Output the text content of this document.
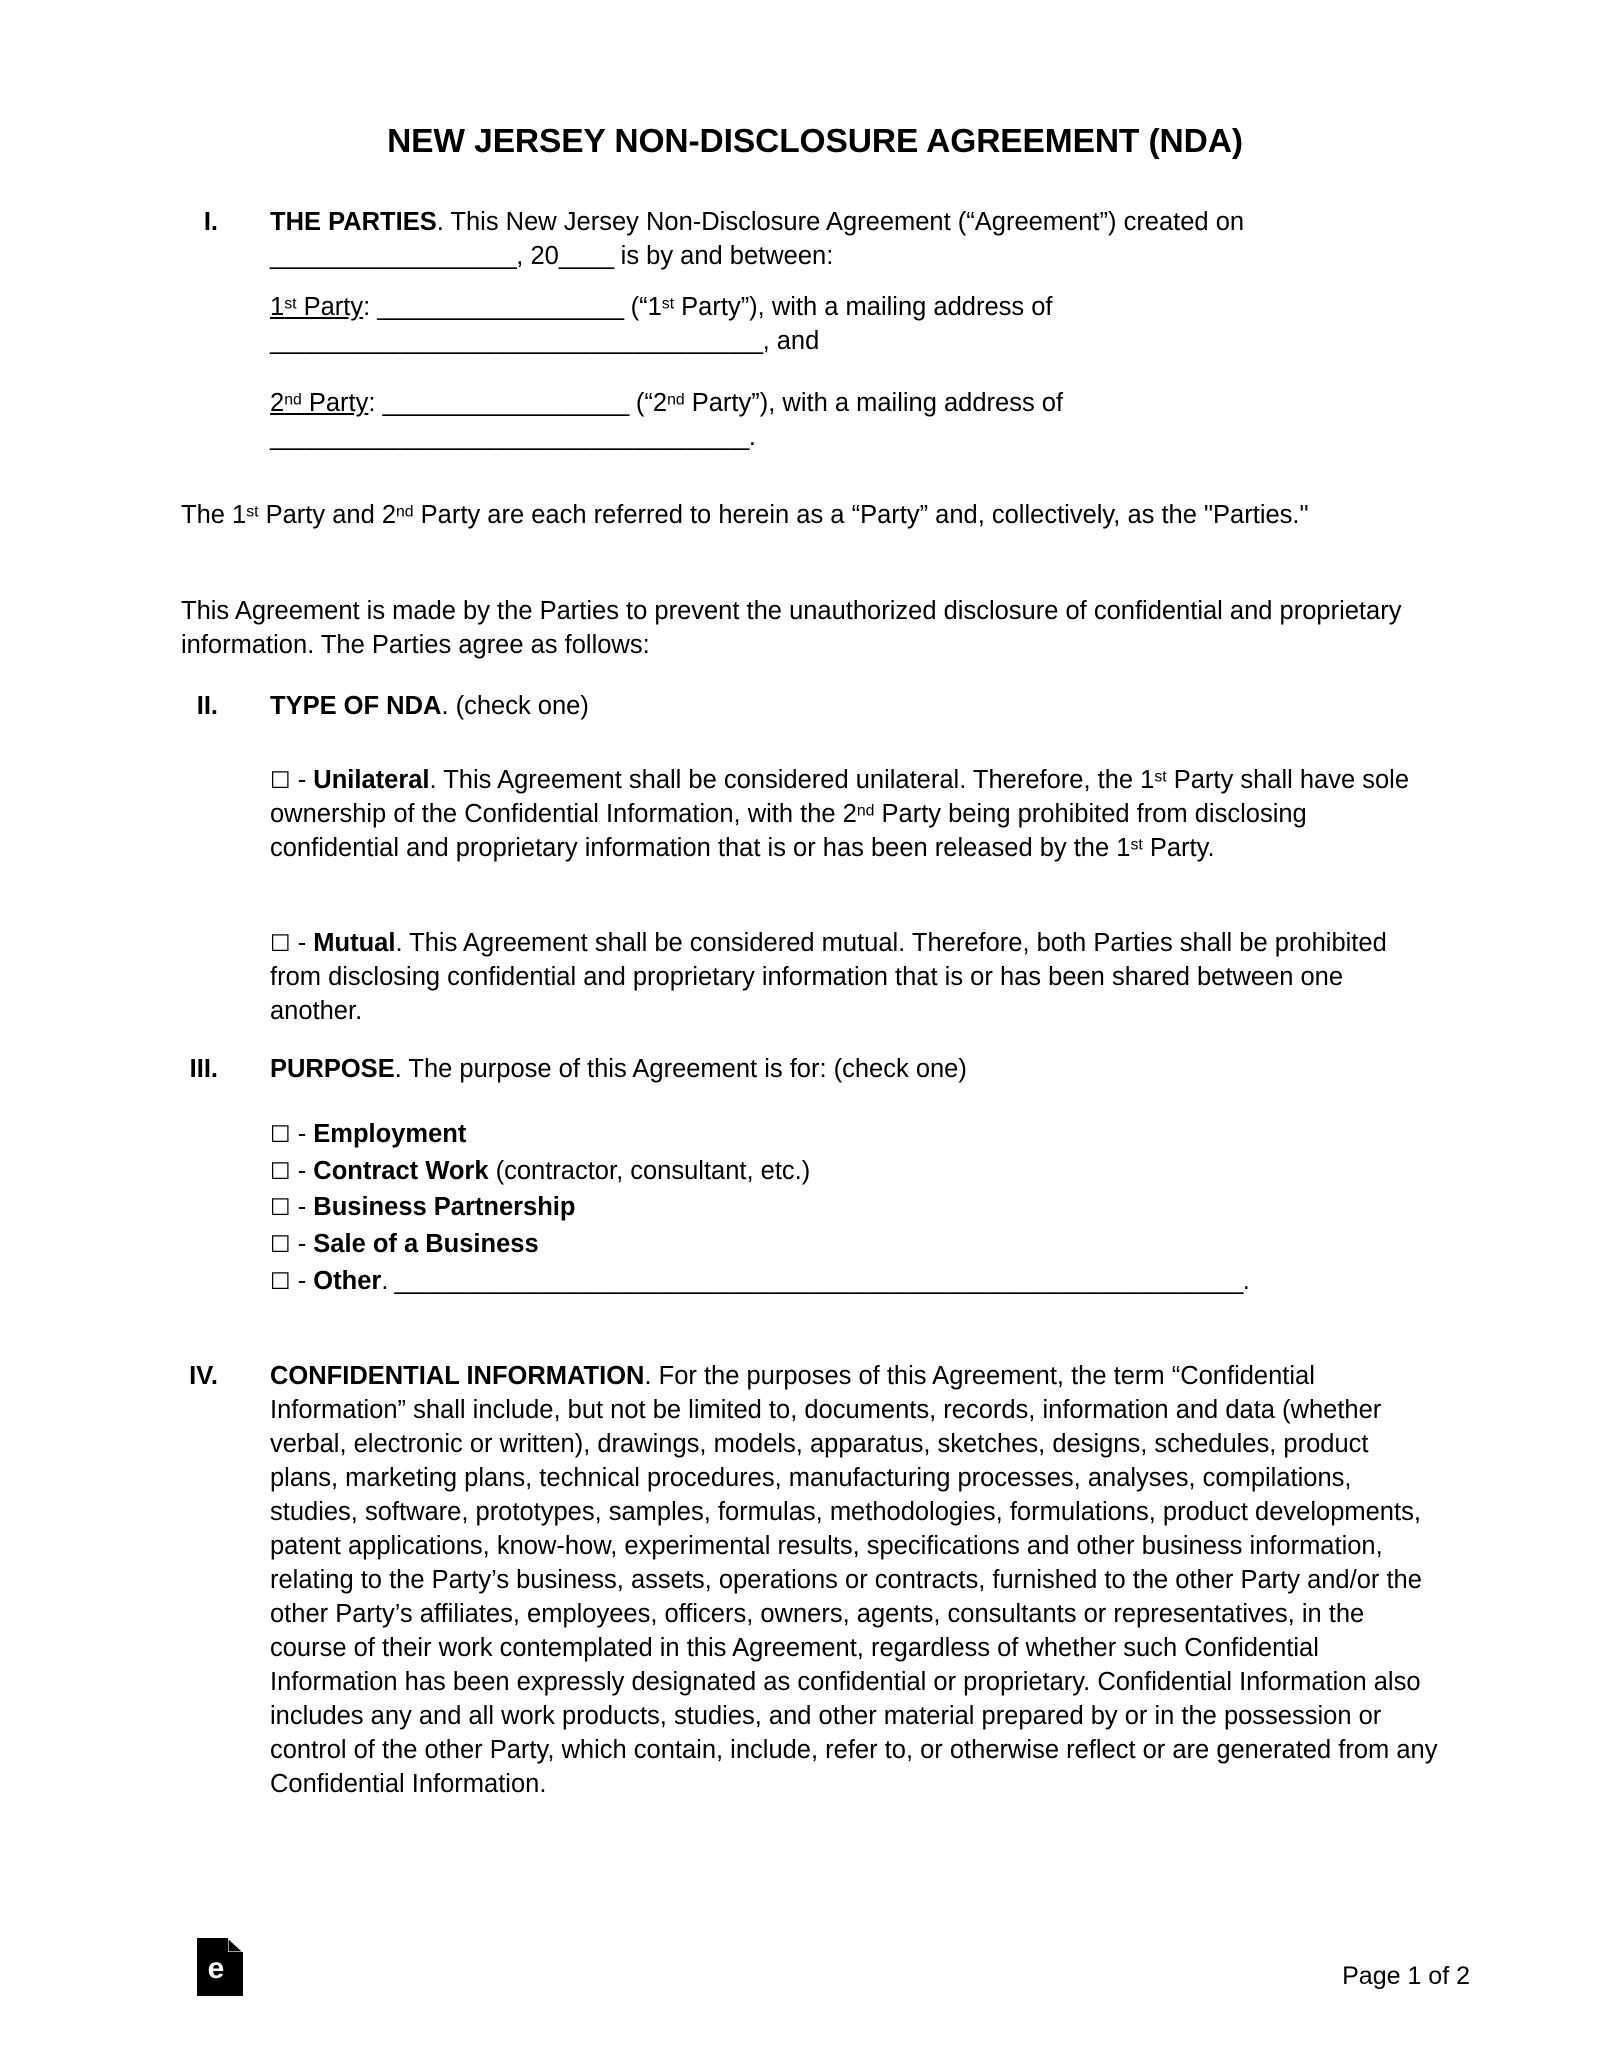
NEW JERSEY NON-DISCLOSURE AGREEMENT (NDA)
I.	THE PARTIES. This New Jersey Non-Disclosure Agreement (“Agreement”) created on __________________, 20____ is by and between:
1st Party: __________________ (“1st Party”), with a mailing address of ____________________________________, and
2nd Party: __________________ (“2nd Party”), with a mailing address of ___________________________________.
The 1st Party and 2nd Party are each referred to herein as a “Party” and, collectively, as the "Parties."
This Agreement is made by the Parties to prevent the unauthorized disclosure of confidential and proprietary information. The Parties agree as follows:
II.	TYPE OF NDA. (check one)
☐ - Unilateral. This Agreement shall be considered unilateral. Therefore, the 1st Party shall have sole ownership of the Confidential Information, with the 2nd Party being prohibited from disclosing confidential and proprietary information that is or has been released by the 1st Party.
☐ - Mutual. This Agreement shall be considered mutual. Therefore, both Parties shall be prohibited from disclosing confidential and proprietary information that is or has been shared between one another.
III.	PURPOSE. The purpose of this Agreement is for: (check one)
☐ - Employment
☐ - Contract Work (contractor, consultant, etc.)
☐ - Business Partnership
☐ - Sale of a Business
☐ - Other. ______________________________________________________________.
IV.	CONFIDENTIAL INFORMATION. For the purposes of this Agreement, the term “Confidential Information” shall include, but not be limited to, documents, records, information and data (whether verbal, electronic or written), drawings, models, apparatus, sketches, designs, schedules, product plans, marketing plans, technical procedures, manufacturing processes, analyses, compilations, studies, software, prototypes, samples, formulas, methodologies, formulations, product developments, patent applications, know-how, experimental results, specifications and other business information, relating to the Party’s business, assets, operations or contracts, furnished to the other Party and/or the other Party’s affiliates, employees, officers, owners, agents, consultants or representatives, in the course of their work contemplated in this Agreement, regardless of whether such Confidential Information has been expressly designated as confidential or proprietary. Confidential Information also includes any and all work products, studies, and other material prepared by or in the possession or control of the other Party, which contain, include, refer to, or otherwise reflect or are generated from any Confidential Information.
e	Page 1 of 2
